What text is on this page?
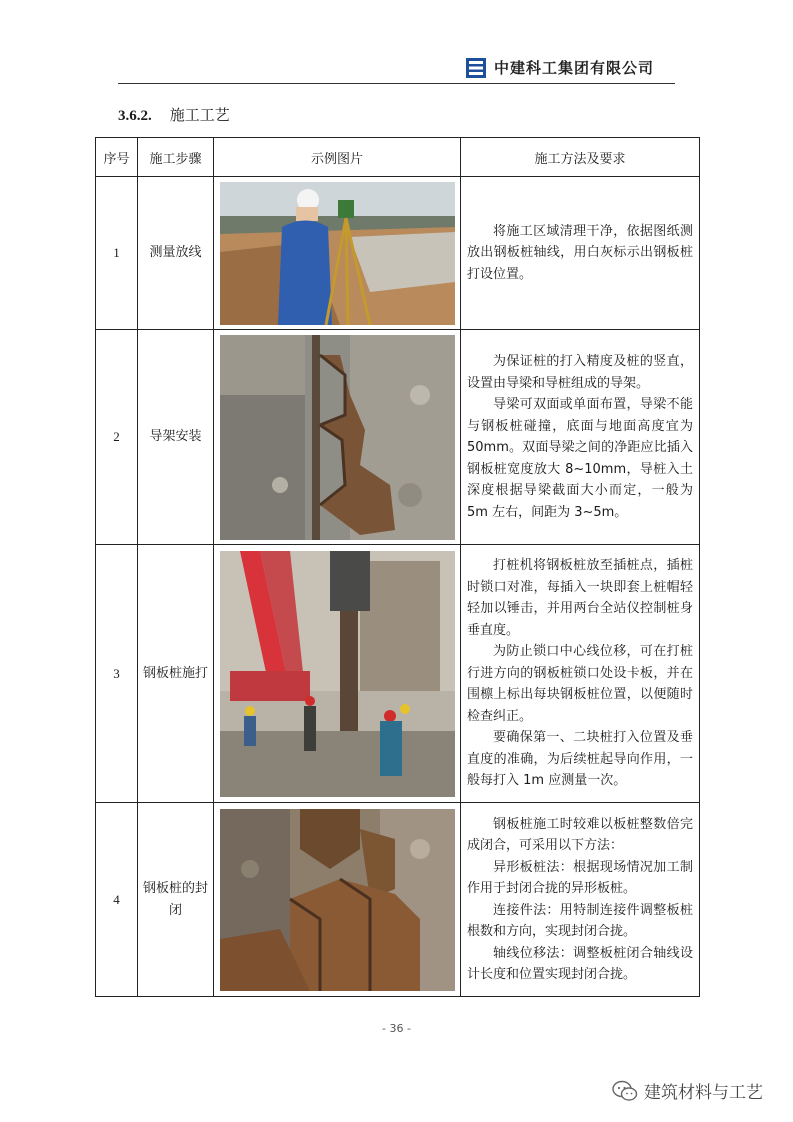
中建科工集团有限公司
3.6.2. 施工工艺
序号	施工步骤	示例图片	施工方法及要求
1	测量放线		将施工区域清理干净，依据图纸测放出钢板桩轴线，用白灰标示出钢板桩打设位置。

2	导架安装		为保证桩的打入精度及桩的竖直，设置由导梁和导桩组成的导架。

导梁可双面或单面布置，导梁不能与钢板桩碰撞，底面与地面高度宜为 50mm。双面导梁之间的净距应比插入钢板桩宽度放大 8~10mm，导桩入土深度根据导梁截面大小而定，一般为 5m 左右，间距为 3~5m。

3	钢板桩施打		打桩机将钢板桩放至插桩点，插桩时锁口对准，每插入一块即套上桩帽轻轻加以锤击，并用两台全站仪控制桩身垂直度。

为防止锁口中心线位移，可在打桩行进方向的钢板桩锁口处设卡板，并在围檩上标出每块钢板桩位置，以便随时检查纠正。

要确保第一、二块桩打入位置及垂直度的准确，为后续桩起导向作用，一般每打入 1m 应测量一次。

4	钢板桩的封闭		钢板桩施工时较难以板桩整数倍完成闭合，可采用以下方法：

异形板桩法：根据现场情况加工制作用于封闭合拢的异形板桩。

连接件法：用特制连接件调整板桩根数和方向，实现封闭合拢。

轴线位移法：调整板桩闭合轴线设计长度和位置实现封闭合拢。

- 36 -
建筑材料与工艺
